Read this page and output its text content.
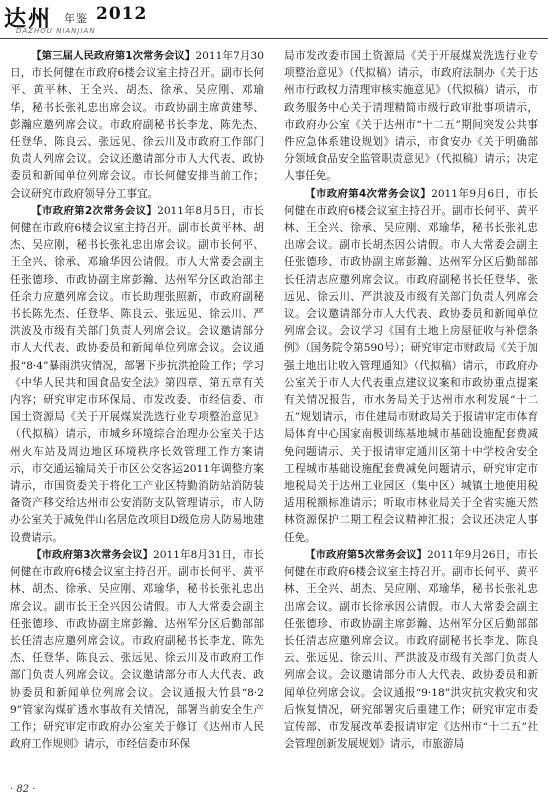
达州 年鉴 2012
DAZHOU NIANJIAN

【第三届人民政府第1次常务会议】2011年7月30日，市长何健在市政府6楼会议室主持召开。副市长何平、黄平林、王全兴、胡杰、徐承、吴应刚、邓瑜华，秘书长张礼忠出席会议。市政协副主席黄建琴、彭瀚应邀列席会议。市政府副秘书长李龙、陈先杰、任登华、陈良云、张远见、徐云川及市政府工作部门负责人列席会议。会议还邀请部分市人大代表、政协委员和新闻单位列席会议。市长何健安排当前工作；会议研究市政府领导分工事宜。

【市政府第2次常务会议】2011年8月5日，市长何健在市政府6楼会议室主持召开。副市长黄平林、胡杰、吴应刚，秘书长张礼忠出席会议。副市长何平、王全兴、徐承、邓瑜华因公请假。市人大常委会副主任张德珍、市政协副主席彭瀚、达州军分区政治部主任余力应邀列席会议。市长助理张照新，市政府副秘书长陈先杰、任登华、陈良云、张远见、徐云川、严洪波及市级有关部门负责人列席会议。会议邀请部分市人大代表、政协委员和新闻单位列席会议。会议通报“8·4”暴雨洪灾情况，部署下步抗洪抢险工作；学习《中华人民共和国食品安全法》第四章、第五章有关内容；研究审定市环保局、市发改委、市经信委、市国土资源局《关于开展煤炭洗选行业专项整治意见》（代拟稿）请示，市城乡环境综合治理办公室关于达州火车站及周边地区环境秩序长效管理工作方案请示，市交通运输局关于市区公交客运2011年调整方案请示，市国资委关于将化工产业区特勤消防站消防装备资产移交给达州市公安消防支队管理请示，市人防办公室关于减免伴山名居危改项目D级危房人防易地建设费请示。

【市政府第3次常务会议】2011年8月31日，市长何健在市政府6楼会议室主持召开。副市长何平、黄平林、胡杰、徐承、吴应刚、邓瑜华，秘书长张礼忠出席会议。副市长王全兴因公请假。市人大常委会副主任张德珍、市政协副主席彭瀚、达州军分区后勤部部长任清志应邀列席会议。市政府副秘书长李龙、陈先杰、任登华、陈良云、张远见、徐云川及市政府工作部门负责人列席会议。会议邀请部分市人大代表、政协委员和新闻单位列席会议。会议通报大竹县“8·29”管家沟煤矿透水事故有关情况，部署当前安全生产工作；研究审定市政府办公室关于修订《达州市人民政府工作规则》请示，市经信委市环保

局市发改委市国土资源局《关于开展煤炭洗选行业专项整治意见》（代拟稿）请示，市政府法制办《关于达州市行政权力清理审核实施意见》（代拟稿）请示，市政务服务中心关于清理精简市级行政审批事项请示，市政府办公室《关于达州市“十二五”期间突发公共事件应急体系建设规划》请示，市食安办《关于明确部分领域食品安全监管职责意见》（代拟稿）请示；决定人事任免。

【市政府第4次常务会议】2011年9月6日，市长何健在市政府6楼会议室主持召开。副市长何平、黄平林、王全兴、徐承、吴应刚、邓瑜华，秘书长张礼忠出席会议。副市长胡杰因公请假。市人大常委会副主任张德珍、市政协副主席彭瀚、达州军分区后勤部部长任清志应邀列席会议。市政府副秘书长任登华、张远见、徐云川、严洪波及市级有关部门负责人列席会议。会议邀请部分市人大代表、政协委员和新闻单位列席会议。会议学习《国有土地上房屋征收与补偿条例》（国务院令第590号）；研究审定市财政局《关于加强土地出让收入管理通知》（代拟稿）请示，市政府办公室关于市人大代表重点建议议案和市政协重点提案有关情况报告，市水务局关于达州市水利发展“十二五”规划请示，市住建局市财政局关于报请审定市体育局体育中心国家南极训练基地城市基础设施配套费减免问题请示、关于报请审定通川区第十中学校舍安全工程城市基础设施配套费减免问题请示，研究审定市地税局关于达州工业园区（集中区）城镇土地使用税适用税额标准请示；听取市林业局关于全省实施天然林资源保护二期工程会议精神汇报；会议还决定人事任免。

【市政府第5次常务会议】2011年9月26日，市长何健在市政府6楼会议室主持召开。副市长何平、黄平林、王全兴、胡杰、吴应刚、邓瑜华，秘书长张礼忠出席会议。副市长徐承因公请假。市人大常委会副主任张德珍、市政协副主席彭瀚、达州军分区后勤部部长任清志应邀列席会议。市政府副秘书长李龙、陈良云、张远见、徐云川、严洪波及市级有关部门负责人列席会议。会议邀请部分市人大代表、政协委员和新闻单位列席会议。会议通报“9·18”洪灾抗灾救灾和灾后恢复情况，研究部署灾后重建工作；研究审定市委宣传部、市发展改革委报请审定《达州市“十二五”社会管理创新发展规划》请示，市旅游局

· 82 ·
